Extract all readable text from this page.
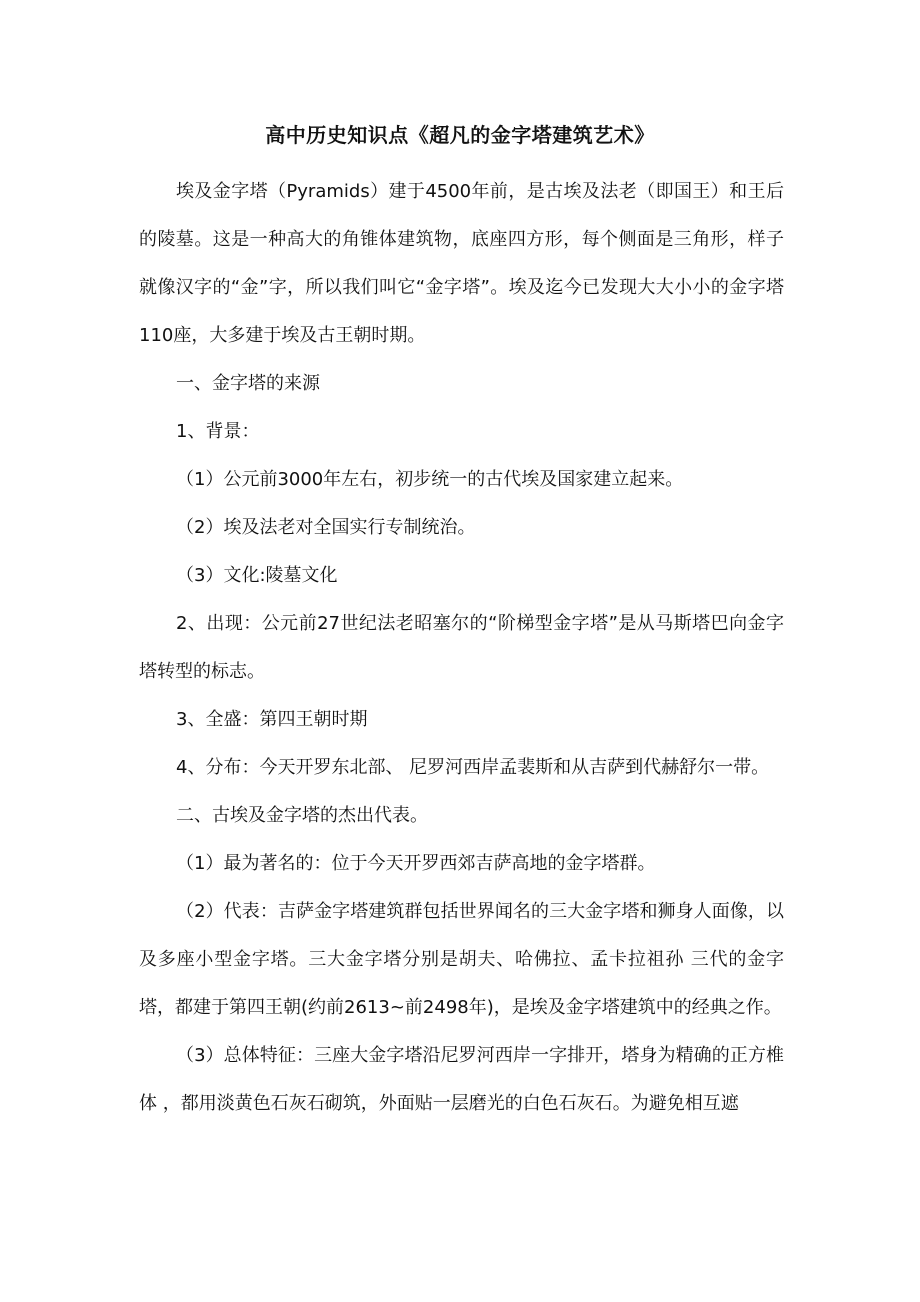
高中历史知识点《超凡的金字塔建筑艺术》

埃及金字塔（Pyramids）建于4500年前，是古埃及法老（即国王）和王后的陵墓。这是一种高大的角锥体建筑物，底座四方形，每个侧面是三角形，样子就像汉字的“金”字，所以我们叫它“金字塔”。埃及迄今已发现大大小小的金字塔110座，大多建于埃及古王朝时期。

一、金字塔的来源

1、背景：

（1）公元前3000年左右，初步统一的古代埃及国家建立起来。

（2）埃及法老对全国实行专制统治。

（3）文化:陵墓文化

2、出现：公元前27世纪法老昭塞尔的“阶梯型金字塔”是从马斯塔巴向金字塔转型的标志。

3、全盛：第四王朝时期

4、分布：今天开罗东北部、 尼罗河西岸孟裴斯和从吉萨到代赫舒尔一带。

二、古埃及金字塔的杰出代表。

（1）最为著名的：位于今天开罗西郊吉萨高地的金字塔群。

（2）代表：吉萨金字塔建筑群包括世界闻名的三大金字塔和狮身人面像，以及多座小型金字塔。三大金字塔分别是胡夫、哈佛拉、孟卡拉祖孙 三代的金字塔，都建于第四王朝(约前2613~前2498年)，是埃及金字塔建筑中的经典之作。

（3）总体特征：三座大金字塔沿尼罗河西岸一字排开，塔身为精确的正方椎体 ，都用淡黄色石灰石砌筑，外面贴一层磨光的白色石灰石。为避免相互遮
